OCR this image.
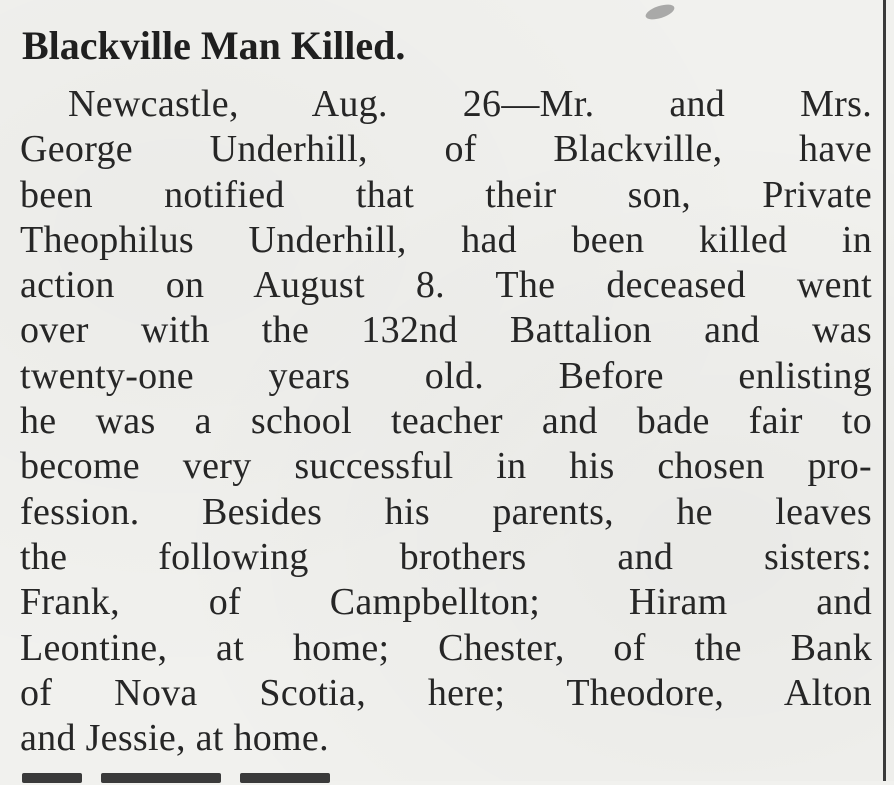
Blackville Man Killed.
Newcastle, Aug. 26—Mr. and Mrs.
George Underhill, of Blackville, have
been notified that their son, Private
Theophilus Underhill, had been killed in
action on August 8. The deceased went
over with the 132nd Battalion and was
twenty-one years old. Before enlisting
he was a school teacher and bade fair to
become very successful in his chosen pro-
fession. Besides his parents, he leaves
the following brothers and sisters:
Frank, of Campbellton; Hiram and
Leontine, at home; Chester, of the Bank
of Nova Scotia, here; Theodore, Alton
and Jessie, at home.
